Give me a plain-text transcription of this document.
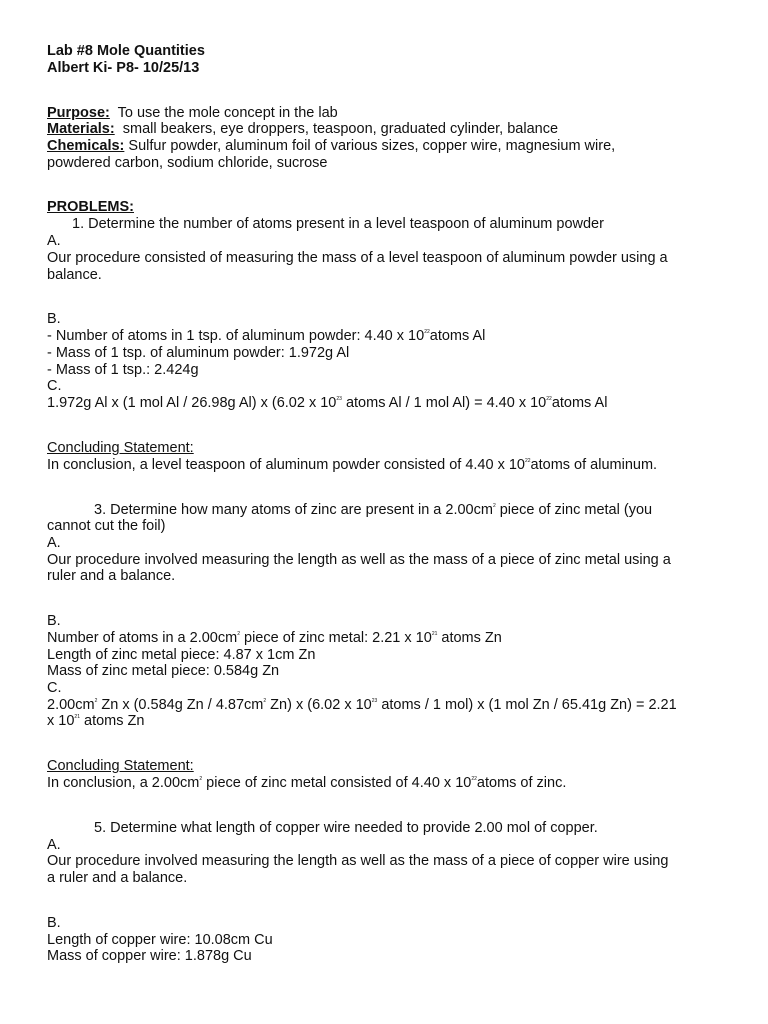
Lab #8 Mole Quantities
Albert Ki- P8- 10/25/13
Purpose: To use the mole concept in the lab
Materials: small beakers, eye droppers, teaspoon, graduated cylinder, balance
Chemicals: Sulfur powder, aluminum foil of various sizes, copper wire, magnesium wire,
powdered carbon, sodium chloride, sucrose
PROBLEMS:
1. Determine the number of atoms present in a level teaspoon of aluminum powder
A.
Our procedure consisted of measuring the mass of a level teaspoon of aluminum powder using a
balance.
B.
- Number of atoms in 1 tsp. of aluminum powder: 4.40 x $10^{22}atoms$ Al
- Mass of 1 tsp. of aluminum powder: 1.972g Al
- Mass of 1 tsp.: 2.424g
C.
1.972g Al x (1 mol Al / 26.98g Al) x (6.02 x $10^{23}$ atoms Al / 1 mol Al) = 4.40 x $10^{22}atoms$ Al
Concluding Statement:
In conclusion, a level teaspoon of aluminum powder consisted of 4.40 x $10^{22}atoms$ of aluminum.
3. Determine how many atoms of zinc are present in a $2.00cm^2$ piece of zinc metal (you
cannot cut the foil)
A.
Our procedure involved measuring the length as well as the mass of a piece of zinc metal using a
ruler and a balance.
B.
Number of atoms in a $2.00cm^2$ piece of zinc metal: 2.21 x $10^{21}$ atoms Zn
Length of zinc metal piece: 4.87 x 1cm Zn
Mass of zinc metal piece: 0.584g Zn
C.
$2.00cm^2$ Zn x (0.584g Zn / $4.87cm^2$ Zn) x (6.02 x $10^{23}$ atoms / 1 mol) x (1 mol Zn / 65.41g Zn) = 2.21
x $10^{21}$ atoms Zn
Concluding Statement:
In conclusion, a $2.00cm^2$ piece of zinc metal consisted of 4.40 x $10^{22}atoms$ of zinc.
5. Determine what length of copper wire needed to provide 2.00 mol of copper.
A.
Our procedure involved measuring the length as well as the mass of a piece of copper wire using
a ruler and a balance.
B.
Length of copper wire: 10.08cm Cu
Mass of copper wire: 1.878g Cu
